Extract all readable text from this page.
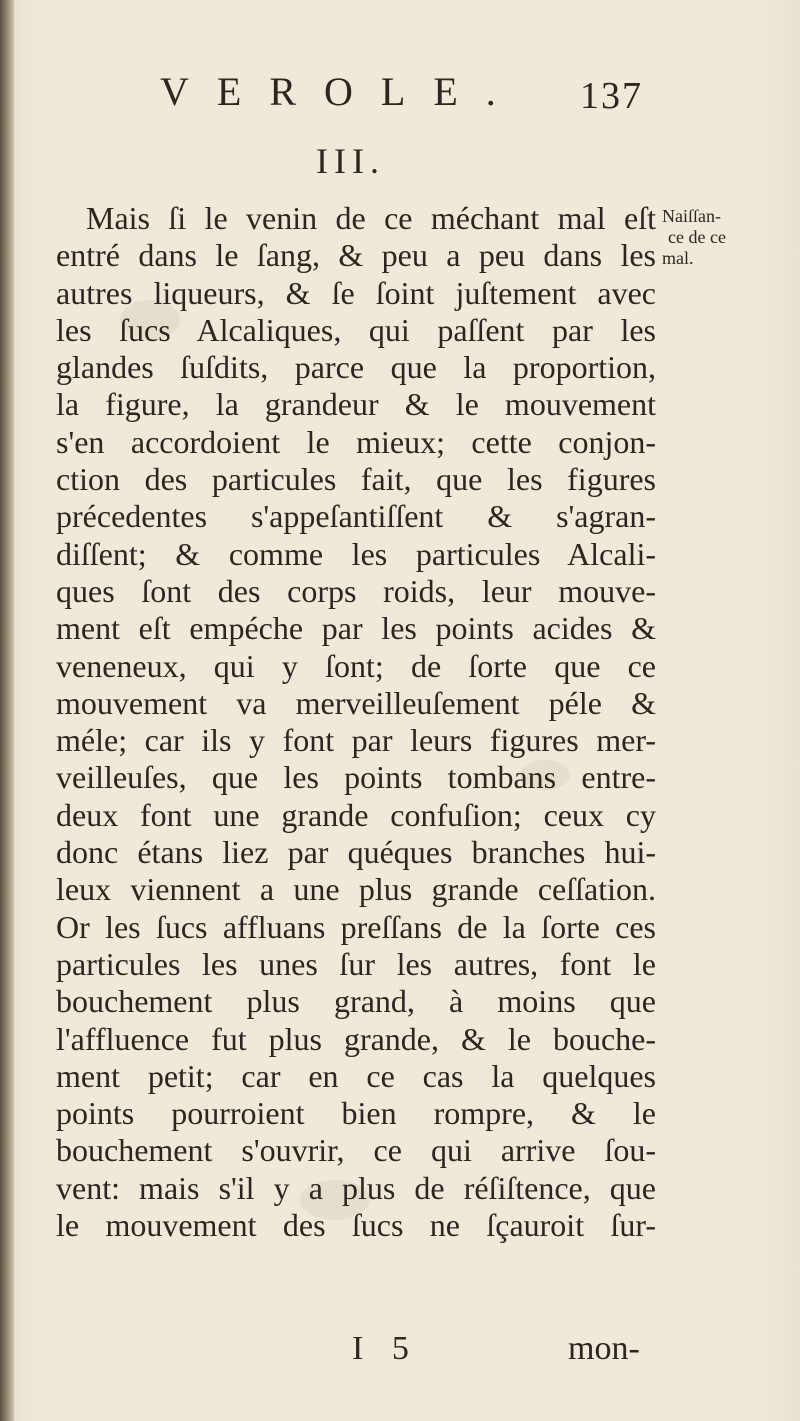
VEROLE. 137
III.
Naiſſan-
ce de ce
mal.
Mais ſi le venin de ce méchant mal eſt
entré dans le ſang, & peu a peu dans les
autres liqueurs, & ſe ſoint juſtement avec
les ſucs Alcaliques, qui paſſent par les
glandes ſuſdits, parce que la proportion,
la figure, la grandeur & le mouvement
s'en accordoient le mieux; cette conjon-
ction des particules fait, que les figures
précedentes s'appeſantiſſent & s'agran-
diſſent; & comme les particules Alcali-
ques ſont des corps roids, leur mouve-
ment eſt empéche par les points acides &
veneneux, qui y ſont; de ſorte que ce
mouvement va merveilleuſement péle &
méle; car ils y font par leurs figures mer-
veilleuſes, que les points tombans entre-
deux font une grande confuſion; ceux cy
donc étans liez par quéques branches hui-
leux viennent a une plus grande ceſſation.
Or les ſucs affluans preſſans de la ſorte ces
particules les unes ſur les autres, font le
bouchement plus grand, à moins que
l'affluence fut plus grande, & le bouche-
ment petit; car en ce cas la quelques
points pourroient bien rompre, & le
bouchement s'ouvrir, ce qui arrive ſou-
vent: mais s'il y a plus de réſiſtence, que
le mouvement des ſucs ne ſçauroit ſur-
I 5	mon-
